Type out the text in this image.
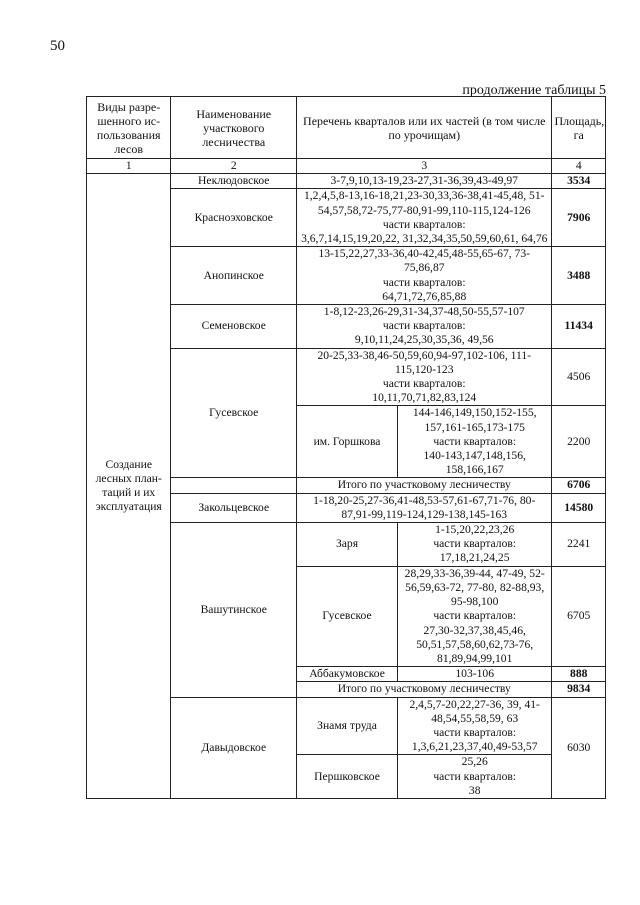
50
продолжение таблицы 5
Виды разре-шенного ис-пользования лесов	Наименование участкового лесничества	Перечень кварталов или их частей (в том числе по урочищам)		Площадь, га
1	2	3		4
Создание лесных план-таций и их эксплуатация	Неклюдовское	3-7,9,10,13-19,23-27,31-36,39,43-49,97		3534
	Красноэховское	1,2,4,5,8-13,16-18,21,23-30,33,36-38,41-45,48, 51-54,57,58,72-75,77-80,91-99,110-115,124-126
части кварталов:
3,6,7,14,15,19,20,22, 31,32,34,35,50,59,60,61, 64,76		7906
	Анопинское	13-15,22,27,33-36,40-42,45,48-55,65-67, 73-75,86,87
части кварталов:
64,71,72,76,85,88		3488
	Семеновское	1-8,12-23,26-29,31-34,37-48,50-55,57-107
части кварталов:
9,10,11,24,25,30,35,36, 49,56		11434
	Гусевское	20-25,33-38,46-50,59,60,94-97,102-106, 111-115,120-123
части кварталов:
10,11,70,71,82,83,124		4506
		им. Горшкова	144-146,149,150,152-155, 157,161-165,173-175
части кварталов:
140-143,147,148,156, 158,166,167	2200
		Итого по участковому лесничеству		6706
	Закольцевское	1-18,20-25,27-36,41-48,53-57,61-67,71-76, 80-87,91-99,119-124,129-138,145-163		14580
	Вашутинское	Заря	1-15,20,22,23,26
части кварталов:
17,18,21,24,25	2241
		Гусевское	28,29,33-36,39-44, 47-49, 52-56,59,63-72, 77-80, 82-88,93, 95-98,100
части кварталов:
27,30-32,37,38,45,46, 50,51,57,58,60,62,73-76, 81,89,94,99,101	6705
		Аббакумовское	103-106	888
		Итого по участковому лесничеству		9834
	Давыдовское	Знамя труда	2,4,5,7-20,22,27-36, 39, 41-48,54,55,58,59, 63
части кварталов:
1,3,6,21,23,37,40,49-53,57	6030
		Першковское	25,26
части кварталов:
38	
